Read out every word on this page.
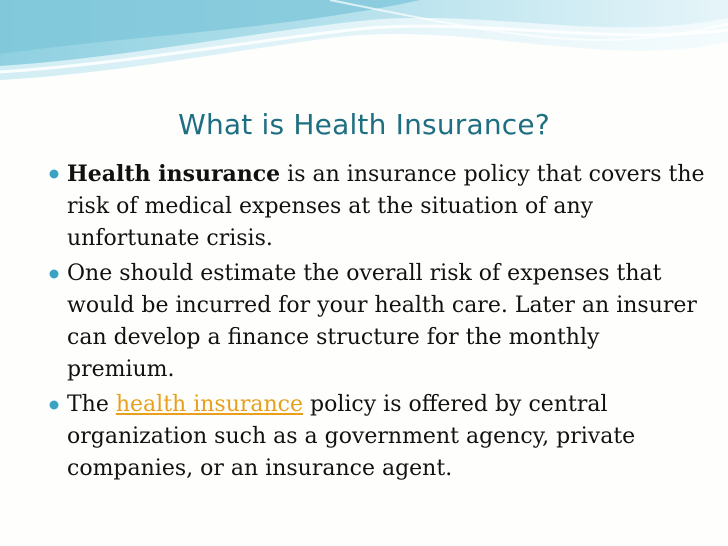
What is Health Insurance?
Health insurance is an insurance policy that covers the risk of medical expenses at the situation of any unfortunate crisis.
One should estimate the overall risk of expenses that would be incurred for your health care. Later an insurer can develop a finance structure for the monthly premium.
The health insurance policy is offered by central organization such as a government agency, private companies, or an insurance agent.
